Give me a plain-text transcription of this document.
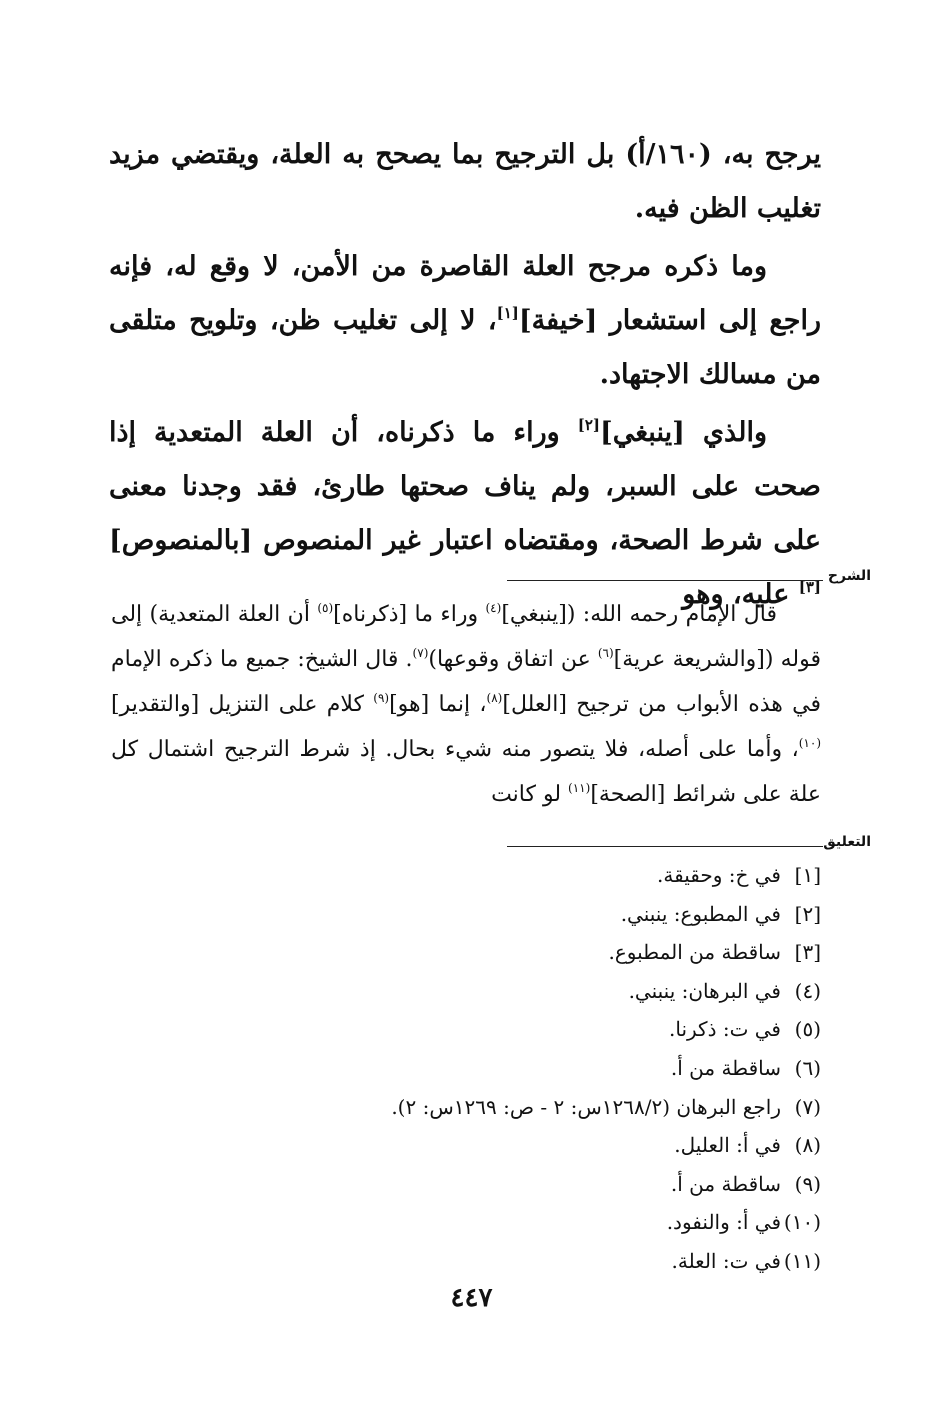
يرجح به، (١٦٠/أ) بل الترجيح بما يصحح به العلة، ويقتضي مزيد تغليب الظن فيه.

وما ذكره مرجح العلة القاصرة من الأمن، لا وقع له، فإنه راجع إلى استشعار [خيفة][١]، لا إلى تغليب ظن، وتلويح متلقى من مسالك الاجتهاد.

والذي [ينبغي][٢] وراء ما ذكرناه، أن العلة المتعدية إذا صحت على السبر، ولم يناف صحتها طارئ، فقد وجدنا معنى على شرط الصحة، ومقتضاه اعتبار غير المنصوص [بالمنصوص][٣] عليه، وهو

الشرح

قال الإمام رحمه الله: ([ينبغي]$^{(٤)}$ وراء ما [ذكرناه]$^{(٥)}$ أن العلة المتعدية) إلى قوله ([والشريعة عرية]$^{(٦)}$ عن اتفاق وقوعها)$^{(٧)}$. قال الشيخ: جميع ما ذكره الإمام في هذه الأبواب من ترجيح [العلل]$^{(٨)}$، إنما [هو]$^{(٩)}$ كلام على التنزيل [والتقدير]$^{(١٠)}$، وأما على أصله، فلا يتصور منه شيء بحال. إذ شرط الترجيح اشتمال كل علة على شرائط [الصحة]$^{(١١)}$ لو كانت

التعليق
[١]
في خ: وحقيقة.
[٢]
في المطبوع: ينبني.
[٣]
ساقطة من المطبوع.
(٤)
في البرهان: ينبني.
(٥)
في ت: ذكرنا.
(٦)
ساقطة من أ.
(٧)
راجع البرهان (١٢٦٨/٢س: ٢ - ص: ١٢٦٩س: ٢).
(٨)
في أ: العليل.
(٩)
ساقطة من أ.
(١٠)
في أ: والنفود.
(١١)
في ت: العلة.
٤٤٧
